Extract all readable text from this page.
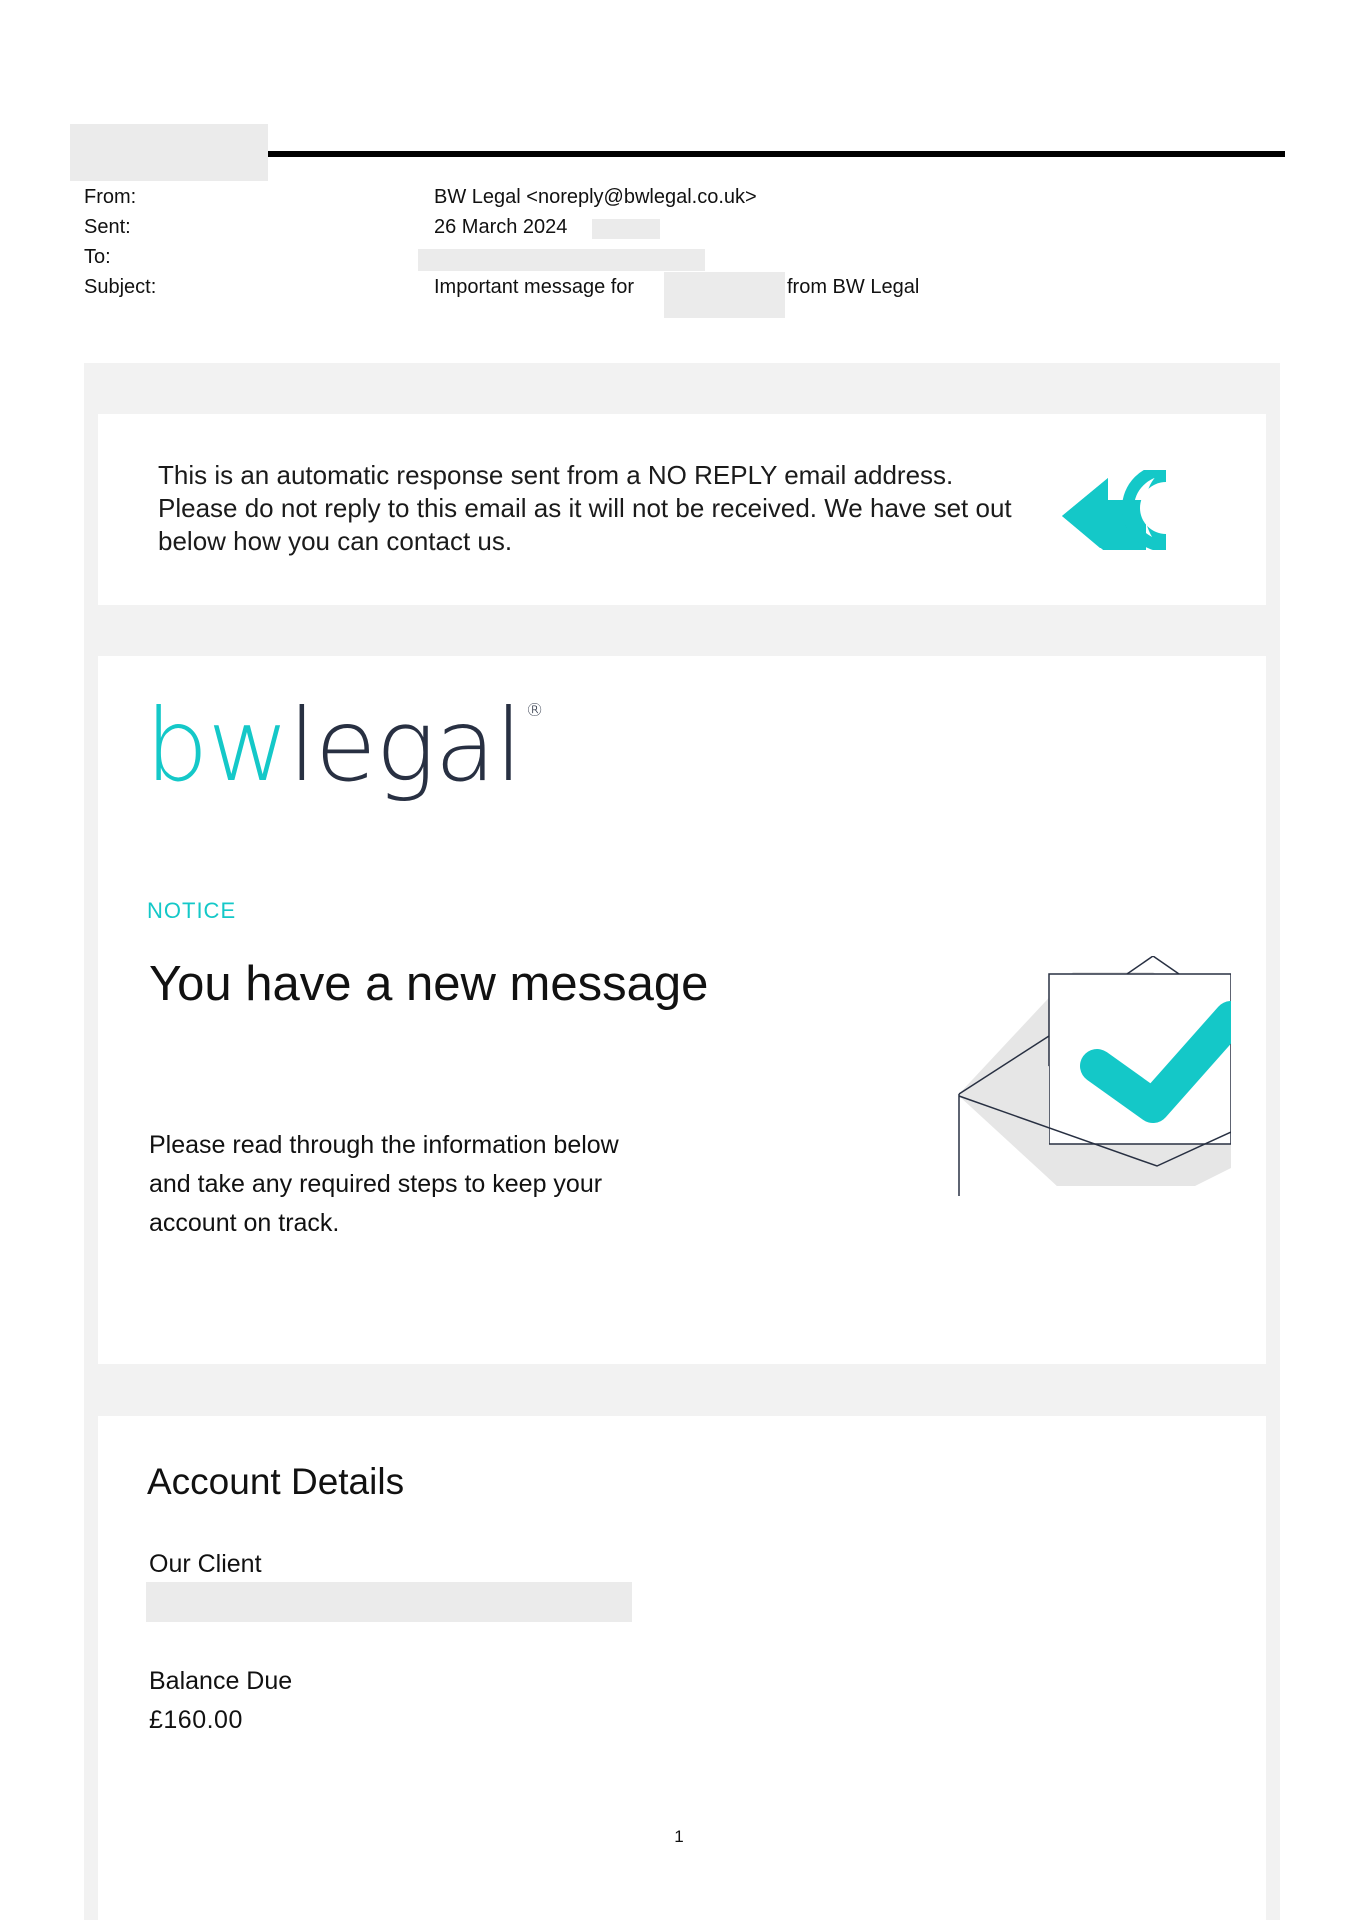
From:
Sent:
To:
Subject:
BW Legal <noreply@bwlegal.co.uk>
26 March 2024
Important message for	from BW Legal
This is an automatic response sent from a NO REPLY email address. Please do not reply to this email as it will not be received. We have set out below how you can contact us.
bwlegal ®
NOTICE
You have a new message
Please read through the information below and take any required steps to keep your account on track.
Account Details
Our Client
Balance Due
£160.00
1
